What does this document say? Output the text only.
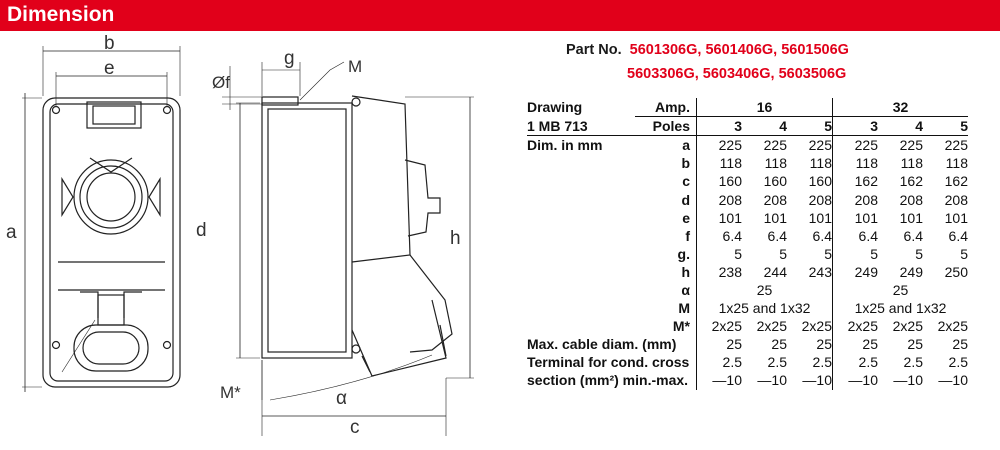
Dimension
b
e
a
M*
Øf
g	M
d	h
α
c
Part No. 5601306G, 5601406G, 5601506G
5603306G, 5603406G, 5603506G
Drawing	Amp.	16			32		
1 MB 713	Poles	3	4	5	3	4	5
Dim. in mm	a	225	225	225	225	225	225
	b	118	118	118	118	118	118
	c	160	160	160	162	162	162
	d	208	208	208	208	208	208
	e	101	101	101	101	101	101
	f	6.4	6.4	6.4	6.4	6.4	6.4
	g.	5	5	5	5	5	5
	h	238	244	243	249	249	250
	α	25			25		
	M	1x25 and 1x32			1x25 and 1x32		
	M*	2x25	2x25	2x25	2x25	2x25	2x25
Max. cable diam. (mm)		25	25	25	25	25	25
Terminal for cond. cross		2.5	2.5	2.5	2.5	2.5	2.5
section (mm²) min.-max.		—10	—10	—10	—10	—10	—10
